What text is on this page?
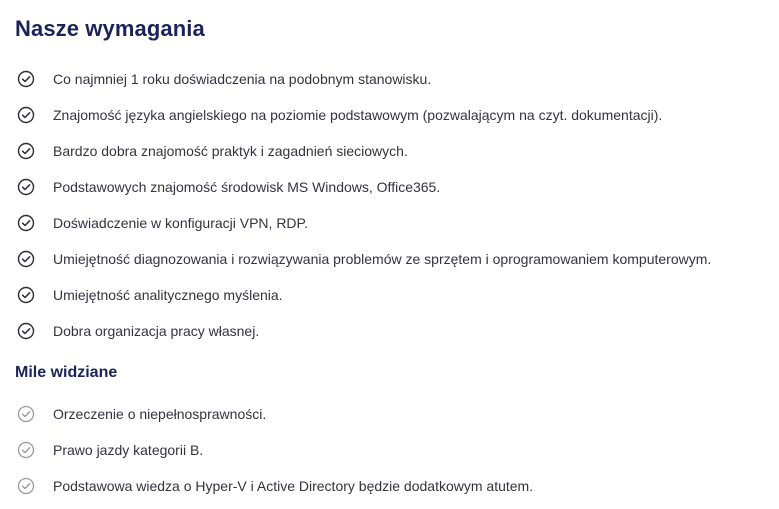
Nasze wymagania
Co najmniej 1 roku doświadczenia na podobnym stanowisku.
Znajomość języka angielskiego na poziomie podstawowym (pozwalającym na czyt. dokumentacji).
Bardzo dobra znajomość praktyk i zagadnień sieciowych.
Podstawowych znajomość środowisk MS Windows, Office365.
Doświadczenie w konfiguracji VPN, RDP.
Umiejętność diagnozowania i rozwiązywania problemów ze sprzętem i oprogramowaniem komputerowym.
Umiejętność analitycznego myślenia.
Dobra organizacja pracy własnej.
Mile widziane
Orzeczenie o niepełnosprawności.
Prawo jazdy kategorii B.
Podstawowa wiedza o Hyper-V i Active Directory będzie dodatkowym atutem.
